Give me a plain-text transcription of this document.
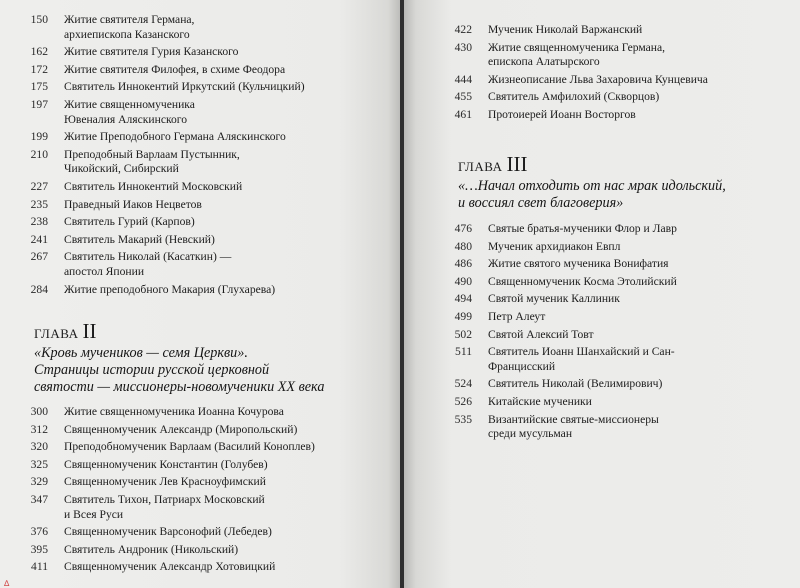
150 Житие святителя Германа,
архиепископа Казанского
162 Житие святителя Гурия Казанского
172 Житие святителя Филофея, в схиме Феодора
175 Святитель Иннокентий Иркутский (Кульчицкий)
197 Житие священномученика
Ювеналия Аляскинского
199 Житие Преподобного Германа Аляскинского
210 Преподобный Варлаам Пустынник,
Чикойский, Сибирский
227 Святитель Иннокентий Московский
235 Праведный Иаков Нецветов
238 Святитель Гурий (Карпов)
241 Святитель Макарий (Невский)
267 Святитель Николай (Касаткин) —
апостол Японии
284 Житие преподобного Макария (Глухарева)
ГЛАВА II
«Кровь мучеников — семя Церкви».
Страницы истории русской церковной
святости — миссионеры-новомученики XX века
300 Житие священномученика Иоанна Кочурова
312 Священномученик Александр (Миропольский)
320 Преподобномученик Варлаам (Василий Коноплев)
325 Священномученик Константин (Голубев)
329 Священномученик Лев Красноуфимский
347 Святитель Тихон, Патриарх Московский
и Всея Руси
376 Священномученик Варсонофий (Лебедев)
395 Святитель Андроник (Никольский)
411 Священномученик Александр Хотовицкий
∆
422 Мученик Николай Варжанский
430 Житие священномученика Германа,
епископа Алатырского
444 Жизнеописание Льва Захаровича Кунцевича
455 Святитель Амфилохий (Скворцов)
461 Протоиерей Иоанн Восторгов
ГЛАВА III
«…Начал отходить от нас мрак идольский,
и воссиял свет благоверия»
476 Святые братья-мученики Флор и Лавр
480 Мученик архидиакон Евпл
486 Житие святого мученика Вонифатия
490 Священномученик Косма Этолийский
494 Святой мученик Каллиник
499 Петр Алеут
502 Святой Алексий Товт
511 Святитель Иоанн Шанхайский и Сан-
Францисский
524 Святитель Николай (Велимирович)
526 Китайские мученики
535 Византийские святые-миссионеры
среди мусульман
